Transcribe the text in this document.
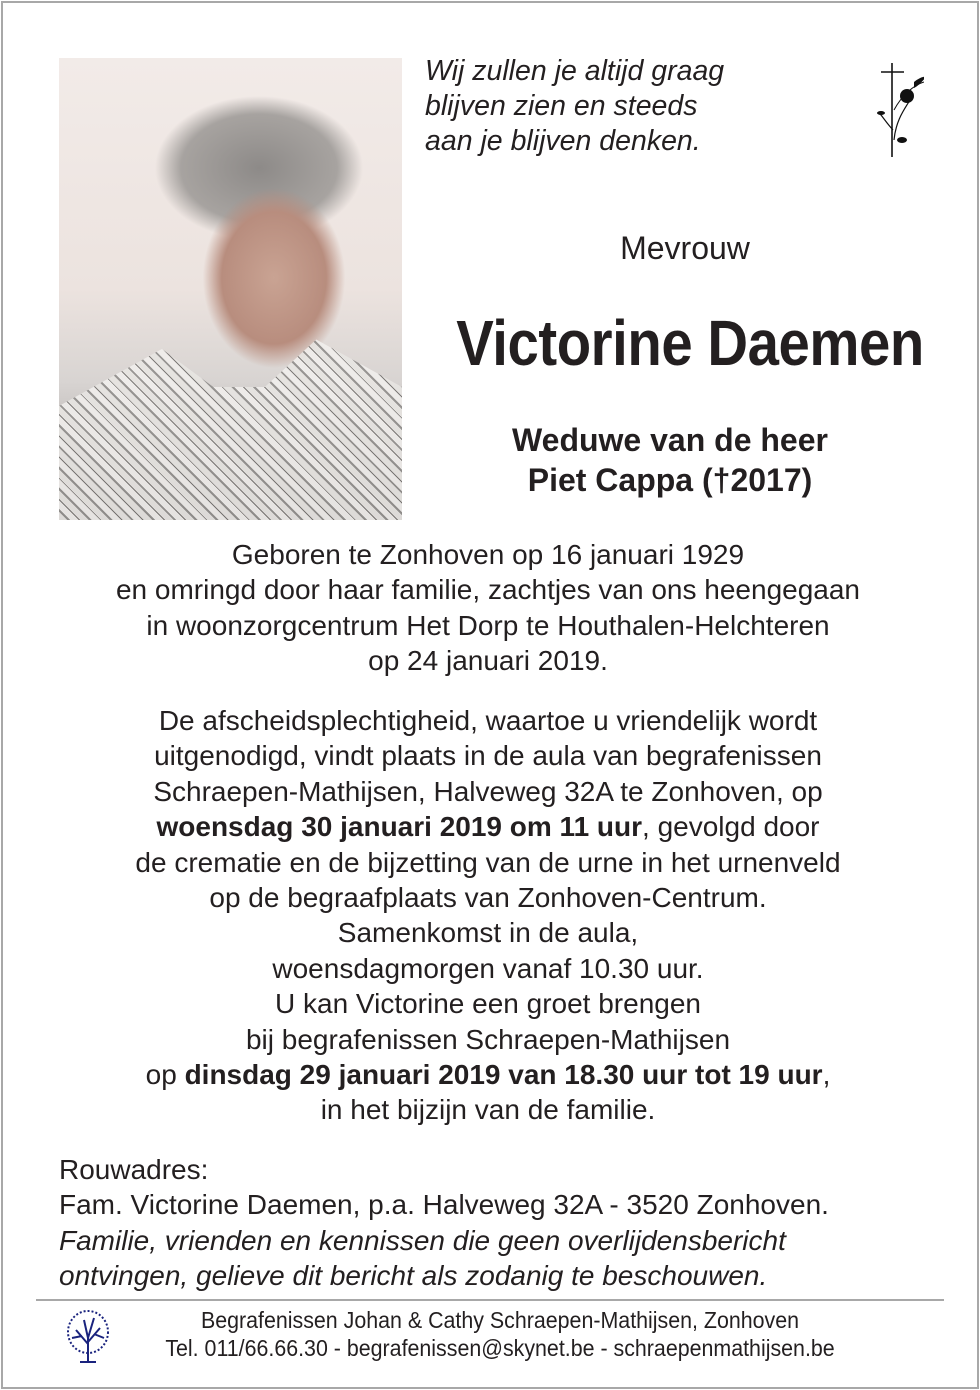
Wij zullen je altijd graag
blijven zien en steeds
aan je blijven denken.
Mevrouw
Victorine Daemen
Weduwe van de heer
Piet Cappa (†2017)
Geboren te Zonhoven op 16 januari 1929
en omringd door haar familie, zachtjes van ons heengegaan
in woonzorgcentrum Het Dorp te Houthalen-Helchteren
op 24 januari 2019.
De afscheidsplechtigheid, waartoe u vriendelijk wordt
uitgenodigd, vindt plaats in de aula van begrafenissen
Schraepen-Mathijsen, Halveweg 32A te Zonhoven, op
woensdag 30 januari 2019 om 11 uur, gevolgd door
de crematie en de bijzetting van de urne in het urnenveld
op de begraafplaats van Zonhoven-Centrum.
Samenkomst in de aula,
woensdagmorgen vanaf 10.30 uur.
U kan Victorine een groet brengen
bij begrafenissen Schraepen-Mathijsen
op dinsdag 29 januari 2019 van 18.30 uur tot 19 uur,
in het bijzijn van de familie.
Rouwadres:
Fam. Victorine Daemen, p.a. Halveweg 32A - 3520 Zonhoven.
Familie, vrienden en kennissen die geen overlijdensbericht
ontvingen, gelieve dit bericht als zodanig te beschouwen.
Begrafenissen Johan & Cathy Schraepen-Mathijsen, Zonhoven
Tel. 011/66.66.30 - begrafenissen@skynet.be - schraepenmathijsen.be
